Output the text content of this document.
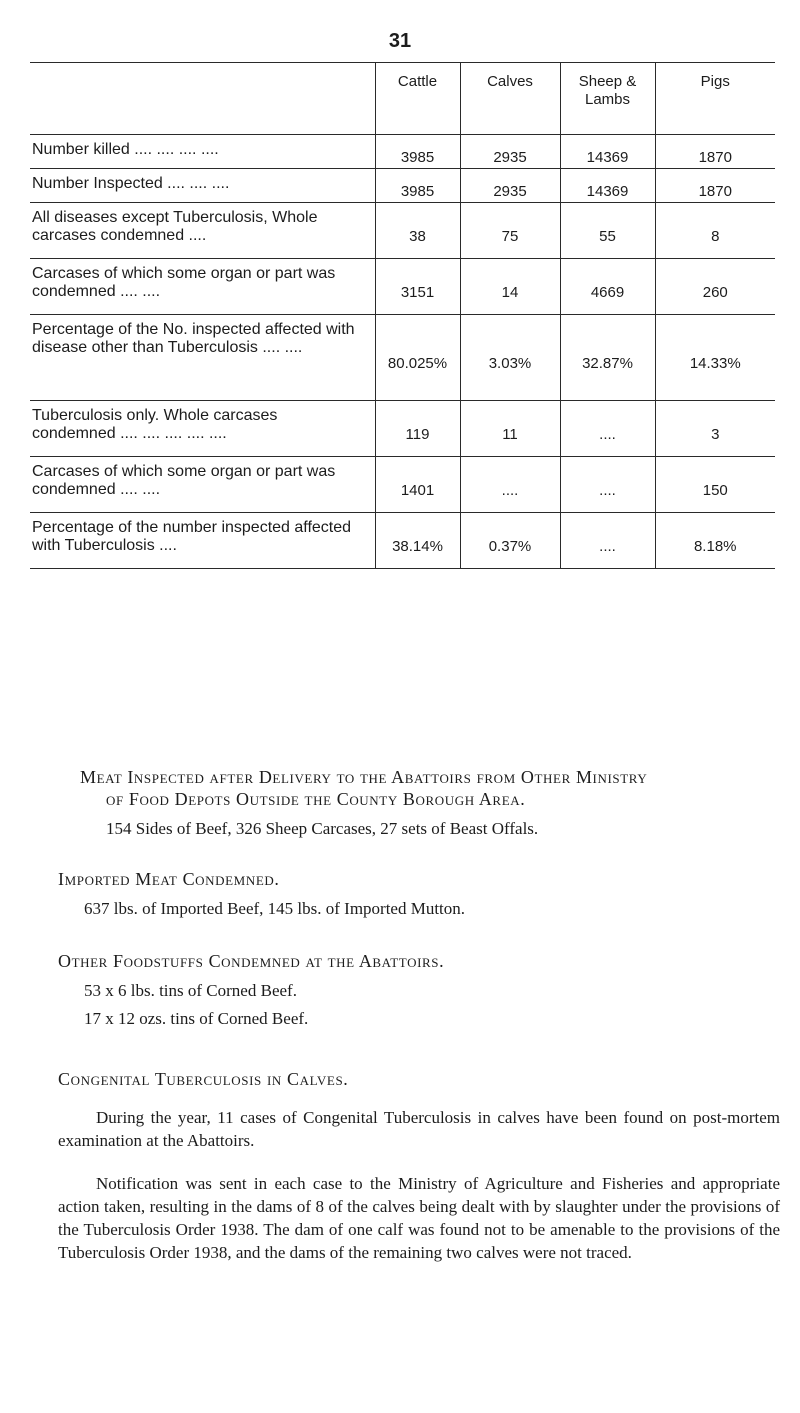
31
	Cattle	Calves	Sheep & Lambs	Pigs
Number killed .... .... .... ....	3985	2935	14369	1870
Number Inspected .... .... ....	3985	2935	14369	1870
All diseases except Tuberculosis, Whole carcases condemned ....	38	75	55	8
Carcases of which some organ or part was condemned .... ....	3151	14	4669	260
Percentage of the No. inspected affected with disease other than Tuberculosis .... ....	80.025%	3.03%	32.87%	14.33%
Tuberculosis only. Whole carcases condemned .... .... .... .... ....	119	11	....	3
Carcases of which some organ or part was condemned .... ....	1401	....	....	150
Percentage of the number inspected affected with Tuberculosis ....	38.14%	0.37%	....	8.18%
Meat Inspected after Delivery to the Abattoirs from Other Ministry
of Food Depots Outside the County Borough Area.
154 Sides of Beef, 326 Sheep Carcases, 27 sets of Beast Offals.
Imported Meat Condemned.
637 lbs. of Imported Beef, 145 lbs. of Imported Mutton.
Other Foodstuffs Condemned at the Abattoirs.
53 x 6 lbs. tins of Corned Beef.
17 x 12 ozs. tins of Corned Beef.
Congenital Tuberculosis in Calves.
During the year, 11 cases of Congenital Tuberculosis in calves have been found on post-mortem examination at the Abattoirs.
Notification was sent in each case to the Ministry of Agriculture and Fisheries and appropriate action taken, resulting in the dams of 8 of the calves being dealt with by slaughter under the provisions of the Tuberculosis Order 1938. The dam of one calf was found not to be amenable to the provisions of the Tuberculosis Order 1938, and the dams of the remaining two calves were not traced.
